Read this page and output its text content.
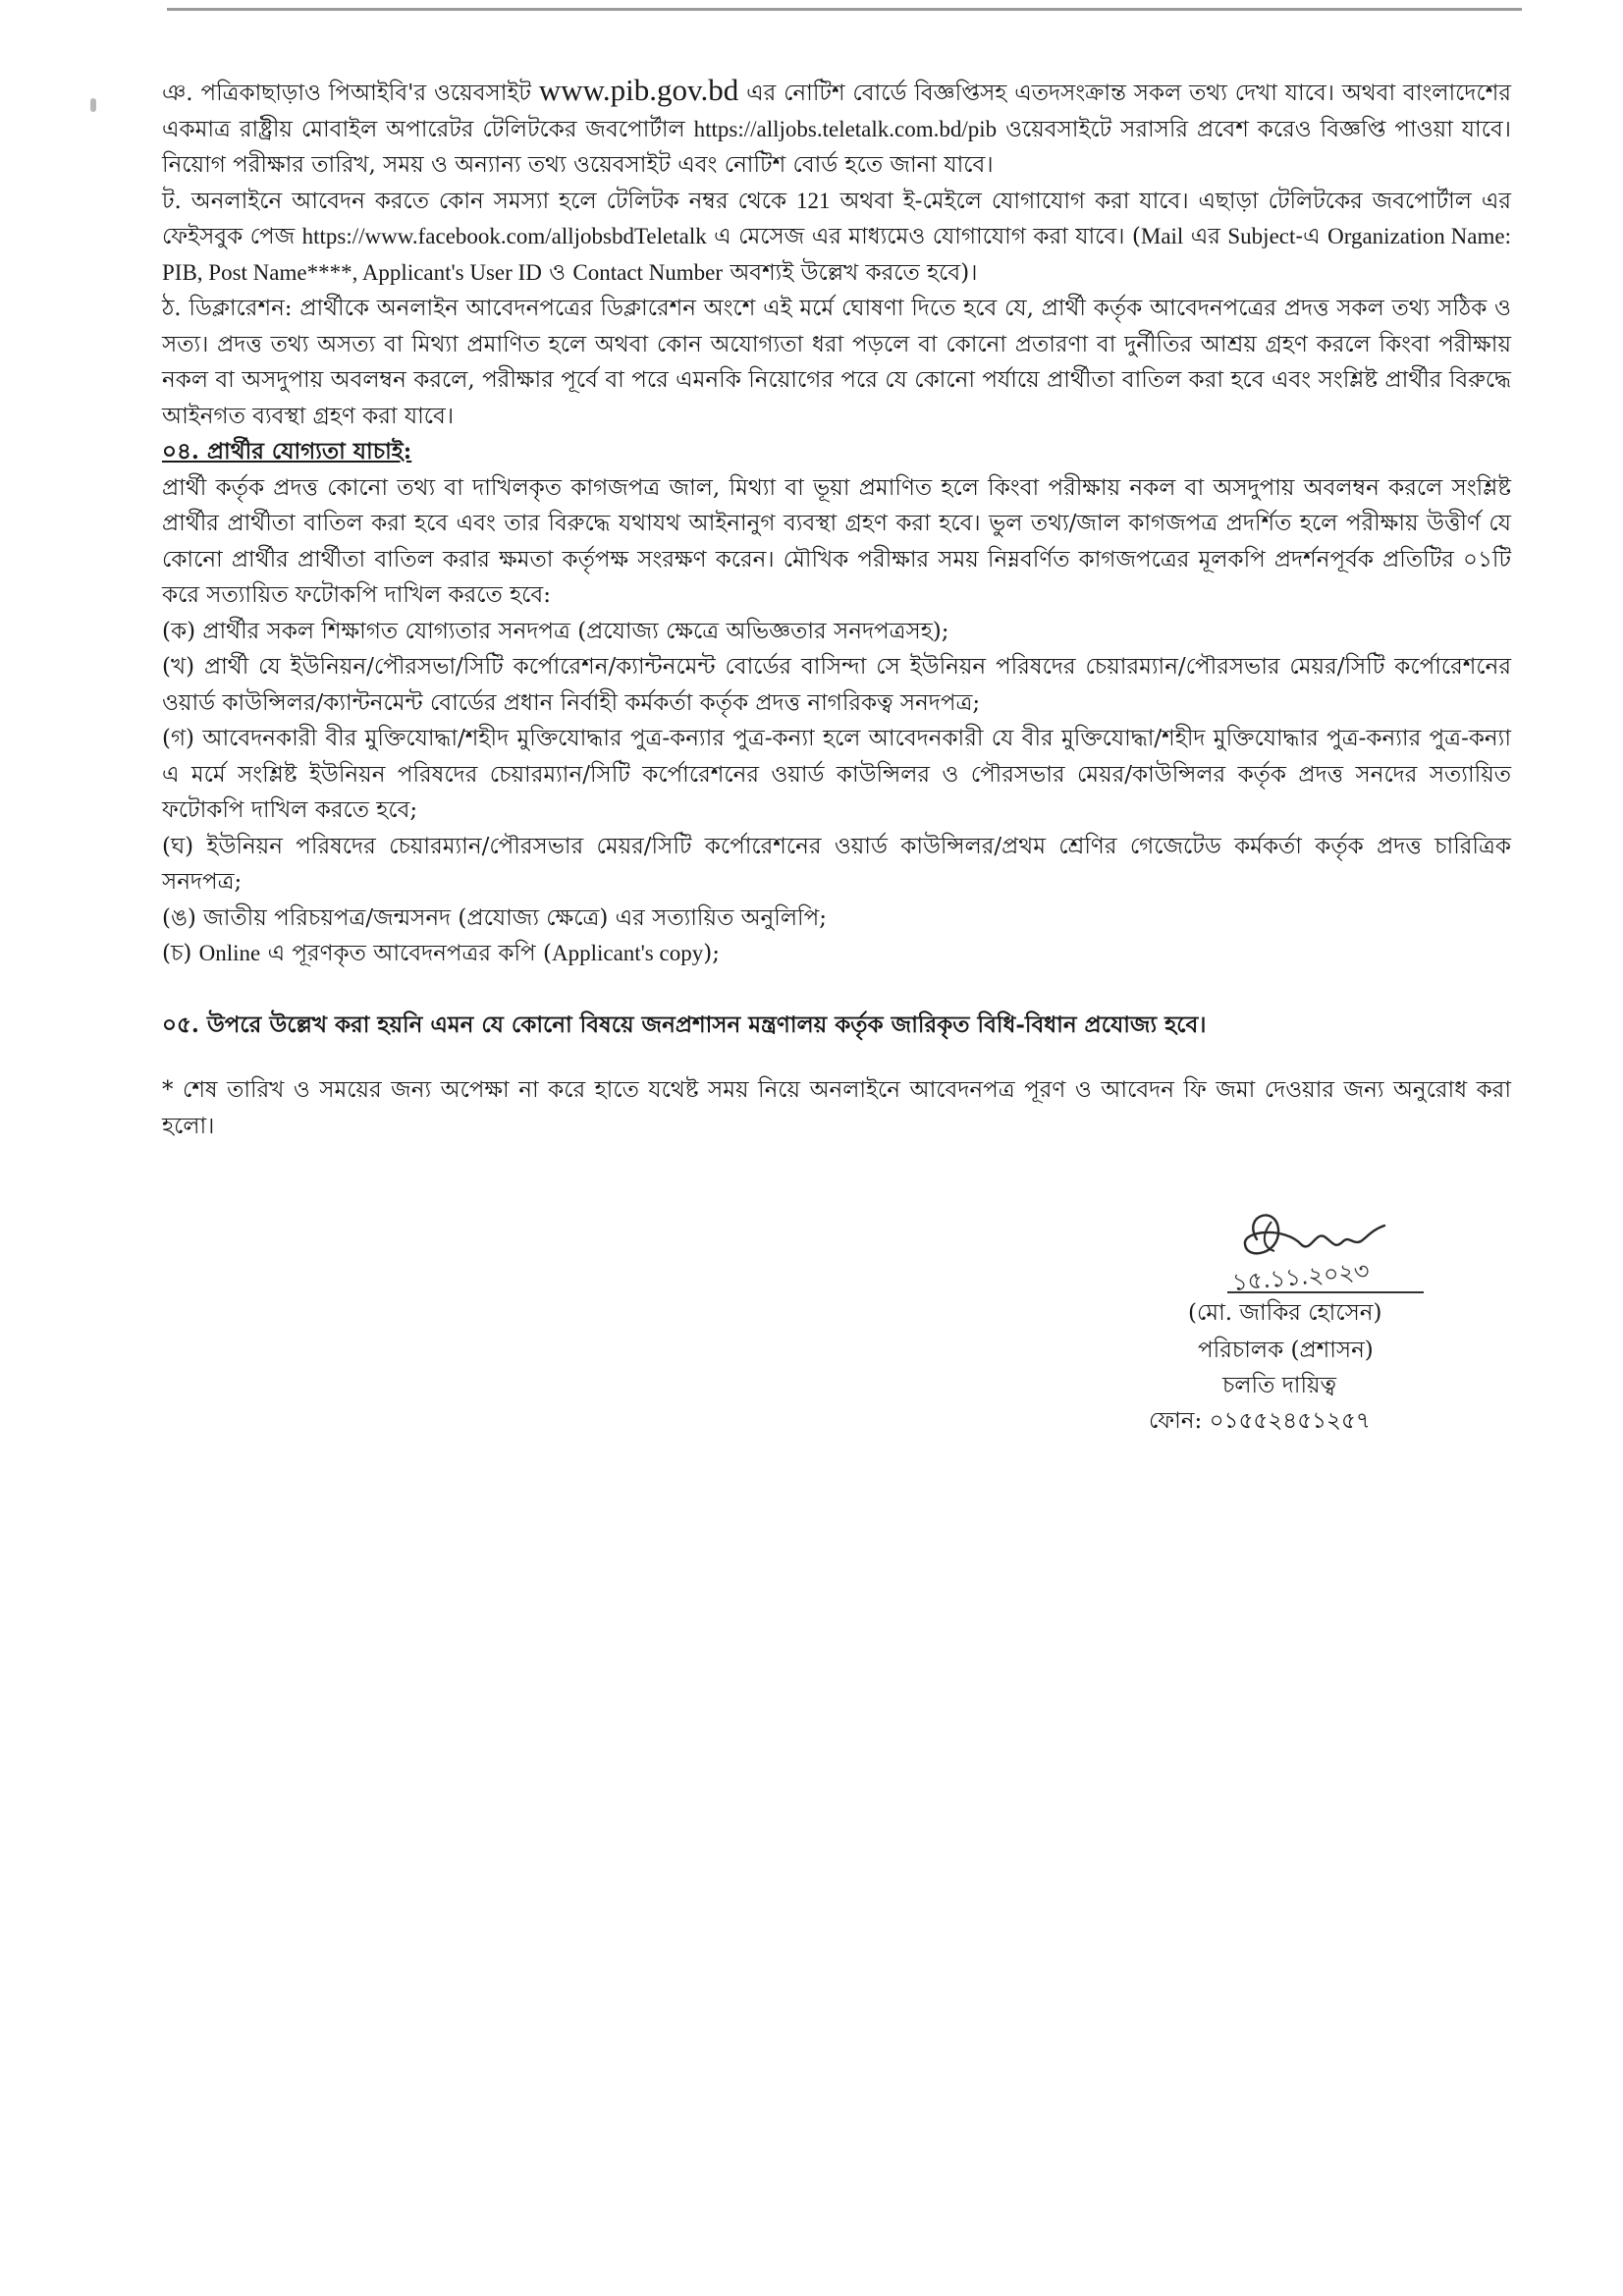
ঞ. পত্রিকাছাড়াও পিআইবি'র ওয়েবসাইট www.pib.gov.bd এর নোটিশ বোর্ডে বিজ্ঞপ্তিসহ এতদসংক্রান্ত সকল তথ্য দেখা যাবে। অথবা বাংলাদেশের একমাত্র রাষ্ট্রীয় মোবাইল অপারেটর টেলিটকের জবপোর্টাল https://alljobs.teletalk.com.bd/pib ওয়েবসাইটে সরাসরি প্রবেশ করেও বিজ্ঞপ্তি পাওয়া যাবে। নিয়োগ পরীক্ষার তারিখ, সময় ও অন্যান্য তথ্য ওয়েবসাইট এবং নোটিশ বোর্ড হতে জানা যাবে।

ট. অনলাইনে আবেদন করতে কোন সমস্যা হলে টেলিটক নম্বর থেকে 121 অথবা ই-মেইলে যোগাযোগ করা যাবে। এছাড়া টেলিটকের জবপোর্টাল এর ফেইসবুক পেজ https://www.facebook.com/alljobsbdTeletalk এ মেসেজ এর মাধ্যমেও যোগাযোগ করা যাবে। (Mail এর Subject-এ Organization Name: PIB, Post Name****, Applicant's User ID ও Contact Number অবশ্যই উল্লেখ করতে হবে)।

ঠ. ডিক্লারেশন: প্রার্থীকে অনলাইন আবেদনপত্রের ডিক্লারেশন অংশে এই মর্মে ঘোষণা দিতে হবে যে, প্রার্থী কর্তৃক আবেদনপত্রের প্রদত্ত সকল তথ্য সঠিক ও সত্য। প্রদত্ত তথ্য অসত্য বা মিথ্যা প্রমাণিত হলে অথবা কোন অযোগ্যতা ধরা পড়লে বা কোনো প্রতারণা বা দুর্নীতির আশ্রয় গ্রহণ করলে কিংবা পরীক্ষায় নকল বা অসদুপায় অবলম্বন করলে, পরীক্ষার পূর্বে বা পরে এমনকি নিয়োগের পরে যে কোনো পর্যায়ে প্রার্থীতা বাতিল করা হবে এবং সংশ্লিষ্ট প্রার্থীর বিরুদ্ধে আইনগত ব্যবস্থা গ্রহণ করা যাবে।

০৪. প্রার্থীর যোগ্যতা যাচাই:

প্রার্থী কর্তৃক প্রদত্ত কোনো তথ্য বা দাখিলকৃত কাগজপত্র জাল, মিথ্যা বা ভূয়া প্রমাণিত হলে কিংবা পরীক্ষায় নকল বা অসদুপায় অবলম্বন করলে সংশ্লিষ্ট প্রার্থীর প্রার্থীতা বাতিল করা হবে এবং তার বিরুদ্ধে যথাযথ আইনানুগ ব্যবস্থা গ্রহণ করা হবে। ভুল তথ্য/জাল কাগজপত্র প্রদর্শিত হলে পরীক্ষায় উত্তীর্ণ যে কোনো প্রার্থীর প্রার্থীতা বাতিল করার ক্ষমতা কর্তৃপক্ষ সংরক্ষণ করেন। মৌখিক পরীক্ষার সময় নিম্নবর্ণিত কাগজপত্রের মূলকপি প্রদর্শনপূর্বক প্রতিটির ০১টি করে সত্যায়িত ফটোকপি দাখিল করতে হবে:

(ক) প্রার্থীর সকল শিক্ষাগত যোগ্যতার সনদপত্র (প্রযোজ্য ক্ষেত্রে অভিজ্ঞতার সনদপত্রসহ);

(খ) প্রার্থী যে ইউনিয়ন/পৌরসভা/সিটি কর্পোরেশন/ক্যান্টনমেন্ট বোর্ডের বাসিন্দা সে ইউনিয়ন পরিষদের চেয়ারম্যান/পৌরসভার মেয়র/সিটি কর্পোরেশনের ওয়ার্ড কাউন্সিলর/ক্যান্টনমেন্ট বোর্ডের প্রধান নির্বাহী কর্মকর্তা কর্তৃক প্রদত্ত নাগরিকত্ব সনদপত্র;

(গ) আবেদনকারী বীর মুক্তিযোদ্ধা/শহীদ মুক্তিযোদ্ধার পুত্র-কন্যার পুত্র-কন্যা হলে আবেদনকারী যে বীর মুক্তিযোদ্ধা/শহীদ মুক্তিযোদ্ধার পুত্র-কন্যার পুত্র-কন্যা এ মর্মে সংশ্লিষ্ট ইউনিয়ন পরিষদের চেয়ারম্যান/সিটি কর্পোরেশনের ওয়ার্ড কাউন্সিলর ও পৌরসভার মেয়র/কাউন্সিলর কর্তৃক প্রদত্ত সনদের সত্যায়িত ফটোকপি দাখিল করতে হবে;

(ঘ) ইউনিয়ন পরিষদের চেয়ারম্যান/পৌরসভার মেয়র/সিটি কর্পোরেশনের ওয়ার্ড কাউন্সিলর/প্রথম শ্রেণির গেজেটেড কর্মকর্তা কর্তৃক প্রদত্ত চারিত্রিক সনদপত্র;

(ঙ) জাতীয় পরিচয়পত্র/জন্মসনদ (প্রযোজ্য ক্ষেত্রে) এর সত্যায়িত অনুলিপি;

(চ) Online এ পূরণকৃত আবেদনপত্রর কপি (Applicant's copy);

০৫. উপরে উল্লেখ করা হয়নি এমন যে কোনো বিষয়ে জনপ্রশাসন মন্ত্রণালয় কর্তৃক জারিকৃত বিধি-বিধান প্রযোজ্য হবে।

* শেষ তারিখ ও সময়ের জন্য অপেক্ষা না করে হাতে যথেষ্ট সময় নিয়ে অনলাইনে আবেদনপত্র পূরণ ও আবেদন ফি জমা দেওয়ার জন্য অনুরোধ করা হলো।

১৫.১১.২০২৩
(মো. জাকির হোসেন)
পরিচালক (প্রশাসন)
চলতি দায়িত্ব
ফোন: ০১৫৫২৪৫১২৫৭
